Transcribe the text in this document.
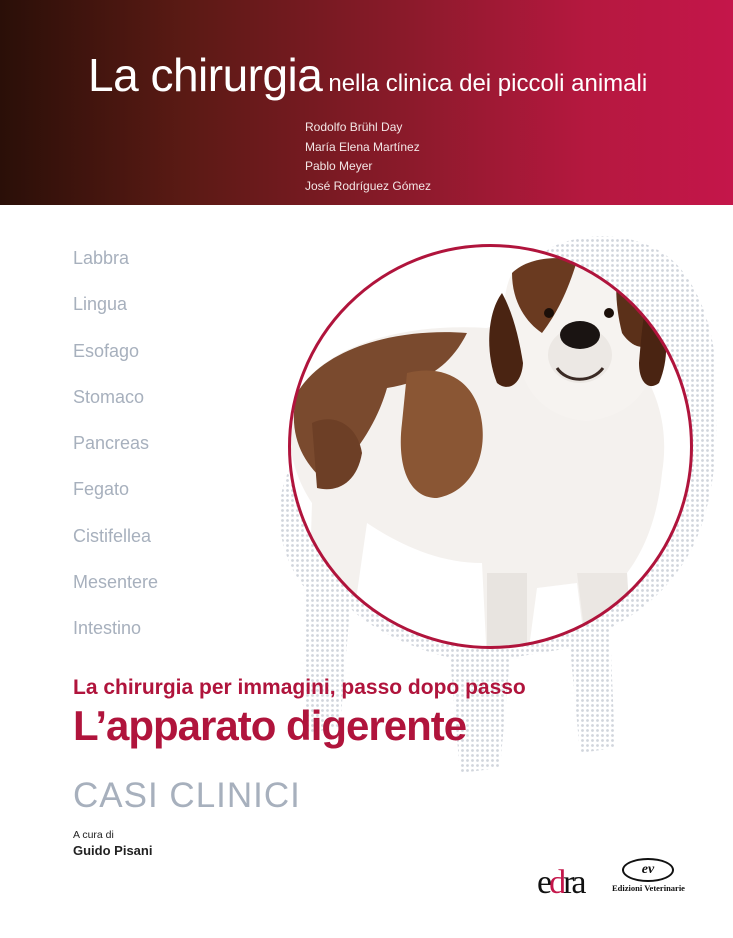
La chirurgia nella clinica dei piccoli animali
Rodolfo Brühl Day
María Elena Martínez
Pablo Meyer
José Rodríguez Gómez
Labbra
Lingua
Esofago
Stomaco
Pancreas
Fegato
Cistifellea
Mesentere
Intestino
La chirurgia per immagini, passo dopo passo
L’apparato digerente
CASI CLINICI
A cura di
Guido Pisani
edra	ev
Edizioni Veterinarie
